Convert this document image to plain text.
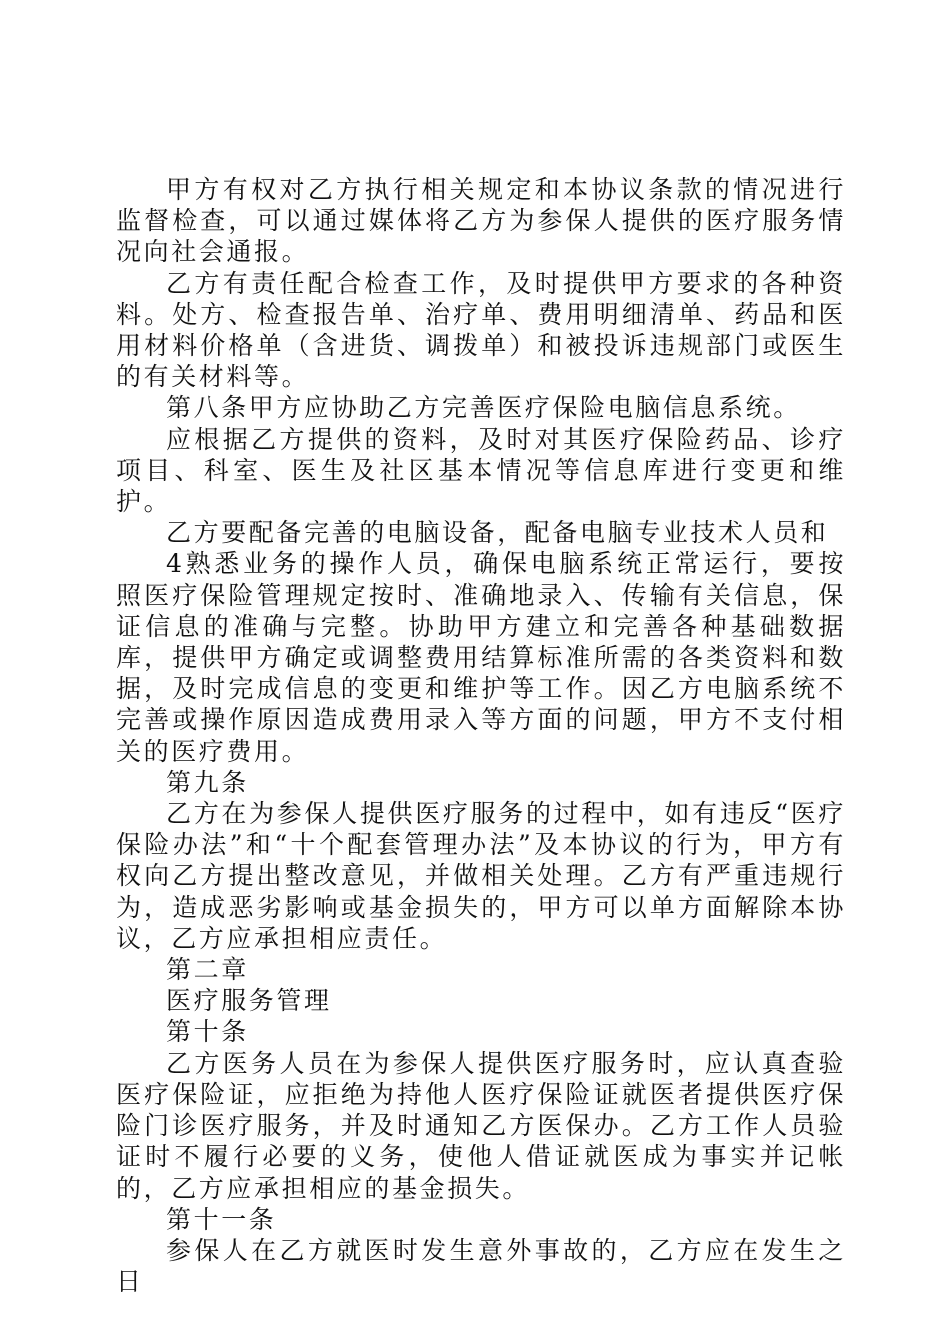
甲方有权对乙方执行相关规定和本协议条款的情况进行监督检查，可以通过媒体将乙方为参保人提供的医疗服务情况向社会通报。

乙方有责任配合检查工作，及时提供甲方要求的各种资料。处方、检查报告单、治疗单、费用明细清单、药品和医用材料价格单（含进货、调拨单）和被投诉违规部门或医生的有关材料等。

第八条甲方应协助乙方完善医疗保险电脑信息系统。

应根据乙方提供的资料，及时对其医疗保险药品、诊疗项目、科室、医生及社区基本情况等信息库进行变更和维护。

乙方要配备完善的电脑设备，配备电脑专业技术人员和

4熟悉业务的操作人员，确保电脑系统正常运行，要按照医疗保险管理规定按时、准确地录入、传输有关信息，保证信息的准确与完整。协助甲方建立和完善各种基础数据库，提供甲方确定或调整费用结算标准所需的各类资料和数据，及时完成信息的变更和维护等工作。因乙方电脑系统不完善或操作原因造成费用录入等方面的问题，甲方不支付相关的医疗费用。

第九条

乙方在为参保人提供医疗服务的过程中，如有违反“医疗保险办法”和“十个配套管理办法”及本协议的行为，甲方有权向乙方提出整改意见，并做相关处理。乙方有严重违规行为，造成恶劣影响或基金损失的，甲方可以单方面解除本协议，乙方应承担相应责任。

第二章

医疗服务管理

第十条

乙方医务人员在为参保人提供医疗服务时，应认真查验医疗保险证，应拒绝为持他人医疗保险证就医者提供医疗保险门诊医疗服务，并及时通知乙方医保办。乙方工作人员验证时不履行必要的义务，使他人借证就医成为事实并记帐的，乙方应承担相应的基金损失。

第十一条

参保人在乙方就医时发生意外事故的，乙方应在发生之日
